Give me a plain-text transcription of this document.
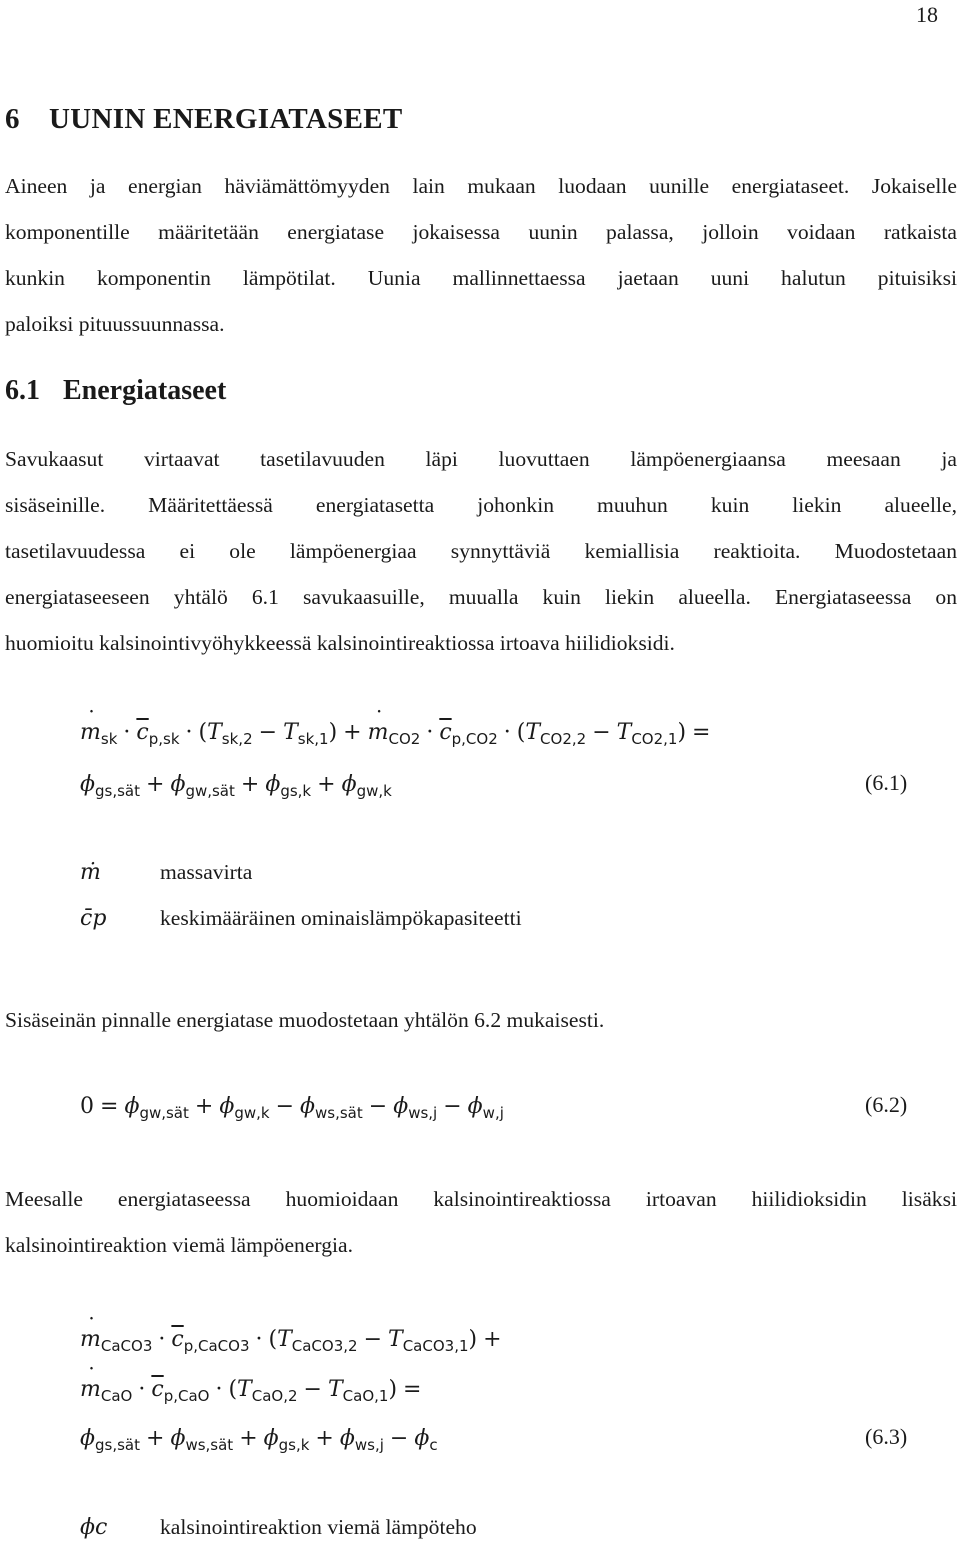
18
6 UUNIN ENERGIATASEET
Aineen ja energian häviämättömyyden lain mukaan luodaan uunille energiataseet. Jokaiselle
komponentille määritetään energiatase jokaisessa uunin palassa, jolloin voidaan ratkaista
kunkin komponentin lämpötilat. Uunia mallinnettaessa jaetaan uuni halutun pituisiksi
paloiksi pituussuunnassa.
6.1 Energiataseet
Savukaasut virtaavat tasetilavuuden läpi luovuttaen lämpöenergiaansa meesaan ja
sisäseinille. Määritettäessä energiatasetta johonkin muuhun kuin liekin alueelle,
tasetilavuudessa ei ole lämpöenergiaa synnyttäviä kemiallisia reaktioita. Muodostetaan
energiataseeseen yhtälö 6.1 savukaasuille, muualla kuin liekin alueella. Energiataseessa on
huomioitu kalsinointivyöhykkeessä kalsinointireaktiossa irtoava hiilidioksidi.
m $˙_{sk} \cdot \overline{c}_{p,sk} \cdot (T_{sk,2} - T_{sk,1}) + m$ $˙_{CO2} \cdot \overline{c}_{p,CO2} \cdot (T_{CO2,2} - T_{CO2,1})$ =
$\phi_{gs,sät} + \phi_{gw,sät} + \phi_{gs,k} + \phi_{gw,k}$	(6.1)
ṁ	massavirta
c̄p keskimääräinen ominaislämpökapasiteetti
Sisäseinän pinnalle energiatase muodostetaan yhtälön 6.2 mukaisesti.
$0 = \phi_{gw,sät} + \phi_{gw,k} - \phi_{ws,sät} - \phi_{ws,j} - \phi_{w,j}$	(6.2)
Meesalle energiataseessa huomioidaan kalsinointireaktiossa irtoavan hiilidioksidin lisäksi
kalsinointireaktion viemä lämpöenergia.
m $˙_{CaCO3} \cdot \overline{c}_{p,CaCO3} \cdot (T_{CaCO3,2} - T_{CaCO3,1})$ +
m $˙_{CaO} \cdot \overline{c}_{p,CaO} \cdot (T_{CaO,2} - T_{CaO,1})$ =
$\phi_{gs,sät} + \phi_{ws,sät} + \phi_{gs,k} + \phi_{ws,j} - \phi_c$	(6.3)
ϕc kalsinointireaktion viemä lämpöteho
